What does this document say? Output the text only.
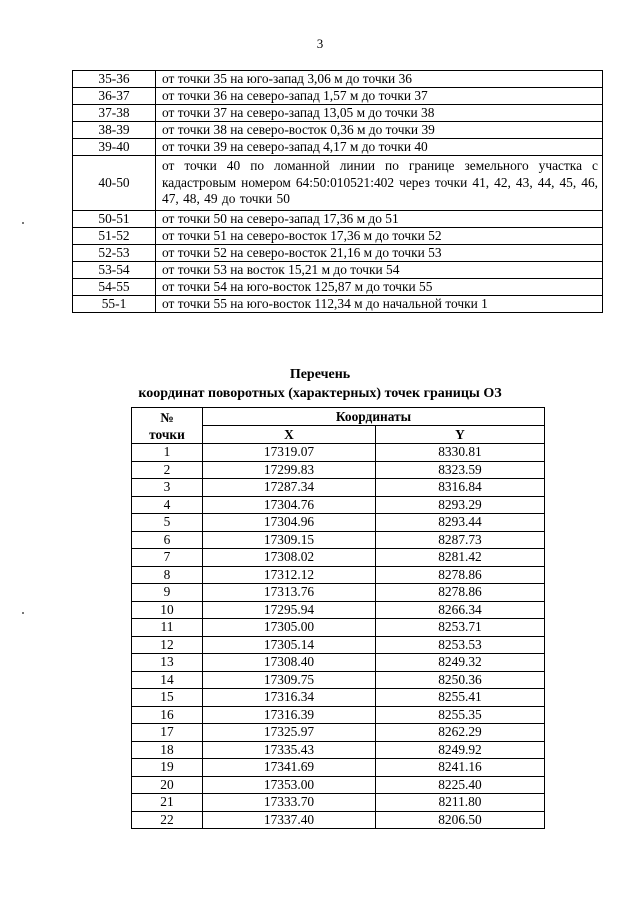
3
35-36	от точки 35 на юго-запад 3,06 м до точки 36
36-37	от точки 36 на северо-запад 1,57 м до точки 37
37-38	от точки 37 на северо-запад 13,05 м до точки 38
38-39	от точки 38 на северо-восток 0,36 м до точки 39
39-40	от точки 39 на северо-запад 4,17 м до точки 40
40-50	от точки 40 по ломанной линии по границе земельного участка с кадастровым номером 64:50:010521:402 через точки 41, 42, 43, 44, 45, 46, 47, 48, 49 до точки 50
50-51	от точки 50 на северо-запад 17,36 м до 51
51-52	от точки 51 на северо-восток 17,36 м до точки 52
52-53	от точки 52 на северо-восток 21,16 м до точки 53
53-54	от точки 53 на восток 15,21 м до точки 54
54-55	от точки 54 на юго-восток 125,87 м до точки 55
55-1	от точки 55 на юго-восток 112,34 м до начальной точки 1
Перечень
координат поворотных (характерных) точек границы ОЗ
№
точки	Координаты	
	X	Y
1	17319.07	8330.81
2	17299.83	8323.59
3	17287.34	8316.84
4	17304.76	8293.29
5	17304.96	8293.44
6	17309.15	8287.73
7	17308.02	8281.42
8	17312.12	8278.86
9	17313.76	8278.86
10	17295.94	8266.34
11	17305.00	8253.71
12	17305.14	8253.53
13	17308.40	8249.32
14	17309.75	8250.36
15	17316.34	8255.41
16	17316.39	8255.35
17	17325.97	8262.29
18	17335.43	8249.92
19	17341.69	8241.16
20	17353.00	8225.40
21	17333.70	8211.80
22	17337.40	8206.50
